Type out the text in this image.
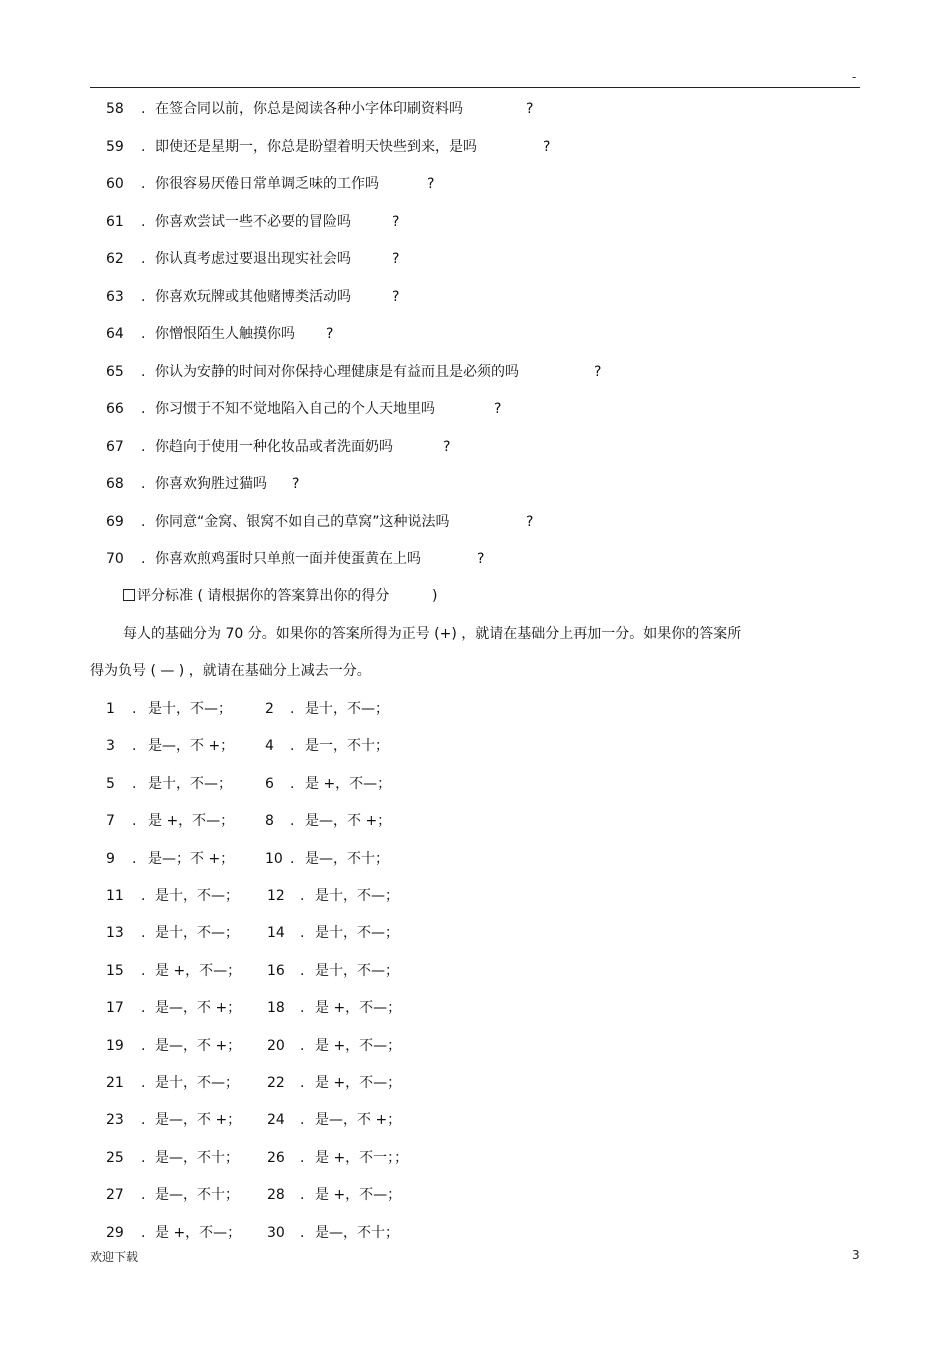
-
58 . 在签合同以前，你总是阅读各种小字体印刷资料吗	?
59 . 即使还是星期一，你总是盼望着明天快些到来，是吗	?
60 . 你很容易厌倦日常单调乏味的工作吗	?
61 . 你喜欢尝试一些不必要的冒险吗	?
62 . 你认真考虑过要退出现实社会吗	?
63 . 你喜欢玩牌或其他赌博类活动吗	?
64 . 你憎恨陌生人触摸你吗 ?
65 . 你认为安静的时间对你保持心理健康是有益而且是必须的吗	?
66 . 你习惯于不知不觉地陷入自己的个人天地里吗	?
67 . 你趋向于使用一种化妆品或者洗面奶吗	?
68 . 你喜欢狗胜过猫吗 ?
69 . 你同意“金窝、银窝不如自己的草窝”这种说法吗	?
70 . 你喜欢煎鸡蛋时只单煎一面并使蛋黄在上吗	?
评分标准 ( 请根据你的答案算出你的得分	)
每人的基础分为 70 分。如果你的答案所得为正号 (+) ，就请在基础分上再加一分。如果你的答案所
得为负号 ( — ) ，就请在基础分上减去一分。
1 . 是十，不—； 2 . 是十，不—；
3 . 是—，不 +； 4 . 是一，不十；
5 . 是十，不—； 6 . 是 +，不—；
7 . 是 +，不—； 8 . 是—，不 +；
9 . 是—；不 +； 10 . 是—，不十；
11 . 是十，不—； 12 . 是十，不—；
13 . 是十，不—； 14 . 是十，不—；
15 . 是 +，不—； 16 . 是十，不—；
17 . 是—，不 +； 18 . 是 +，不—；
19 . 是—，不 +； 20 . 是 +，不—；
21 . 是十，不—； 22 . 是 +，不—；
23 . 是—，不 +； 24 . 是—，不 +；
25 . 是—，不十； 26 . 是 +，不一；；
27 . 是—，不十； 28 . 是 +，不—；
29 . 是 +，不—； 30 . 是—，不十；
欢迎下载	3
